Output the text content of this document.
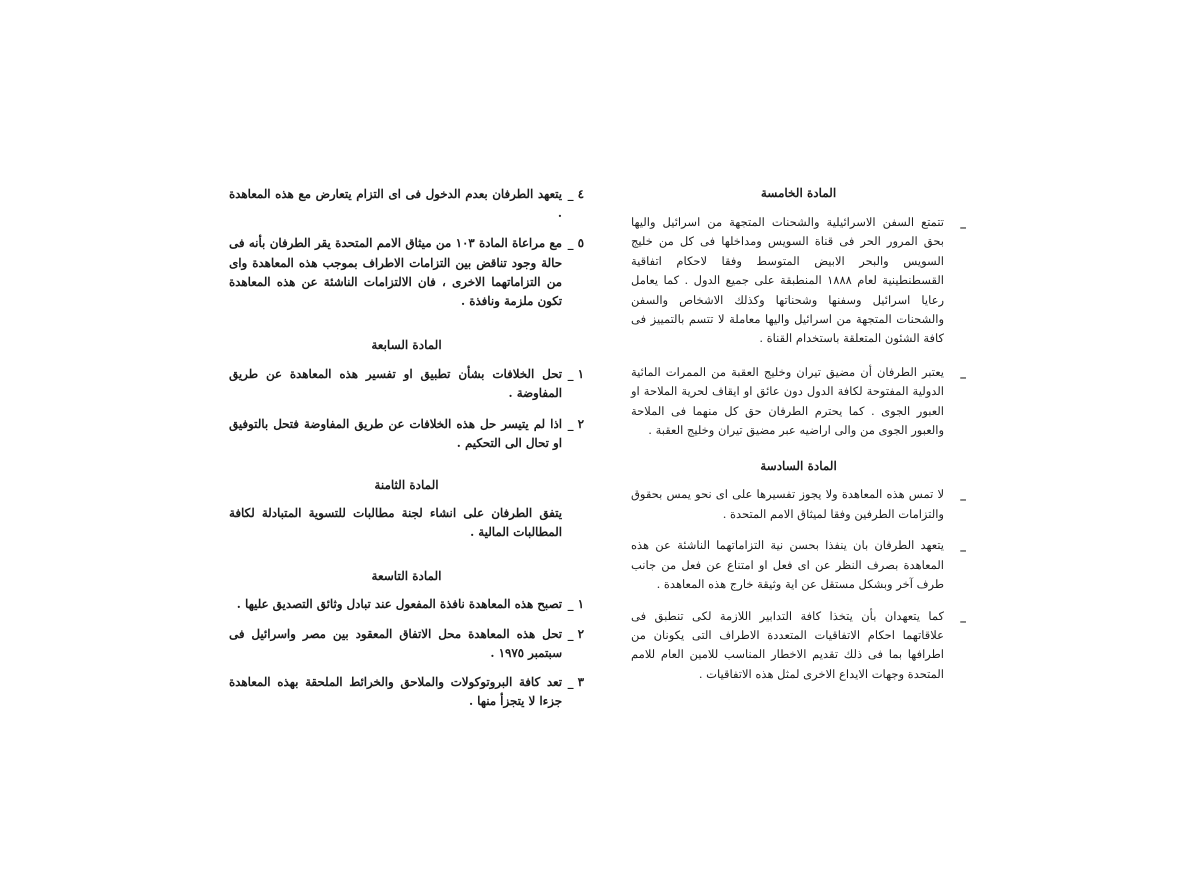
المادة الخامسة

_
تتمتع السفن الاسرائيلية والشحنات المتجهة من اسرائيل واليها بحق المرور الحر فى قناة السويس ومداخلها فى كل من خليج السويس والبحر الابيض المتوسط وفقا لاحكام اتفاقية القسطنطينية لعام ١٨٨٨ المنطبقة على جميع الدول . كما يعامل رعايا اسرائيل وسفنها وشحناتها وكذلك الاشخاص والسفن والشحنات المتجهة من اسرائيل واليها معاملة لا تتسم بالتمييز فى كافة الشئون المتعلقة باستخدام القناة .
_
يعتبر الطرفان أن مضيق تيران وخليج العقبة من الممرات المائية الدولية المفتوحة لكافة الدول دون عائق او ايقاف لحرية الملاحة او العبور الجوى . كما يحترم الطرفان حق كل منهما فى الملاحة والعبور الجوى من والى اراضيه عبر مضيق تيران وخليج العقبة .

المادة السادسة

_
لا تمس هذه المعاهدة ولا يجوز تفسيرها على اى نحو يمس بحقوق والتزامات الطرفين وفقا لميثاق الامم المتحدة .
_
يتعهد الطرفان بان ينفذا بحسن نية التزاماتهما الناشئة عن هذه المعاهدة بصرف النظر عن اى فعل او امتناع عن فعل من جانب طرف آخر وبشكل مستقل عن اية وثيقة خارج هذه المعاهدة .
_
كما يتعهدان بأن يتخذا كافة التدابير اللازمة لكى تنطبق فى علاقاتهما احكام الاتفاقيات المتعددة الاطراف التى يكونان من اطرافها بما فى ذلك تقديم الاخطار المناسب للامين العام للامم المتحدة وجهات الايداع الاخرى لمثل هذه الاتفاقيات .
٤ _
يتعهد الطرفان بعدم الدخول فى اى التزام يتعارض مع هذه المعاهدة .
٥ _
مع مراعاة المادة ١٠٣ من ميثاق الامم المتحدة يقر الطرفان بأنه فى حالة وجود تناقض بين التزامات الاطراف بموجب هذه المعاهدة واى من التزاماتهما الاخرى ، فان الالتزامات الناشئة عن هذه المعاهدة تكون ملزمة ونافذة .

المادة السابعة

١ _
تحل الخلافات بشأن تطبيق او تفسير هذه المعاهدة عن طريق المفاوضة .
٢ _
اذا لم يتيسر حل هذه الخلافات عن طريق المفاوضة فتحل بالتوفيق او تحال الى التحكيم .

المادة الثامنة

يتفق الطرفان على انشاء لجنة مطالبات للتسوية المتبادلة لكافة المطالبات المالية .

المادة التاسعة

١ _
تصبح هذه المعاهدة نافذة المفعول عند تبادل وثائق التصديق عليها .
٢ _
تحل هذه المعاهدة محل الاتفاق المعقود بين مصر واسرائيل فى سبتمبر ١٩٧٥ .
٣ _
تعد كافة البروتوكولات والملاحق والخرائط الملحقة بهذه المعاهدة جزءا لا يتجزأ منها .
